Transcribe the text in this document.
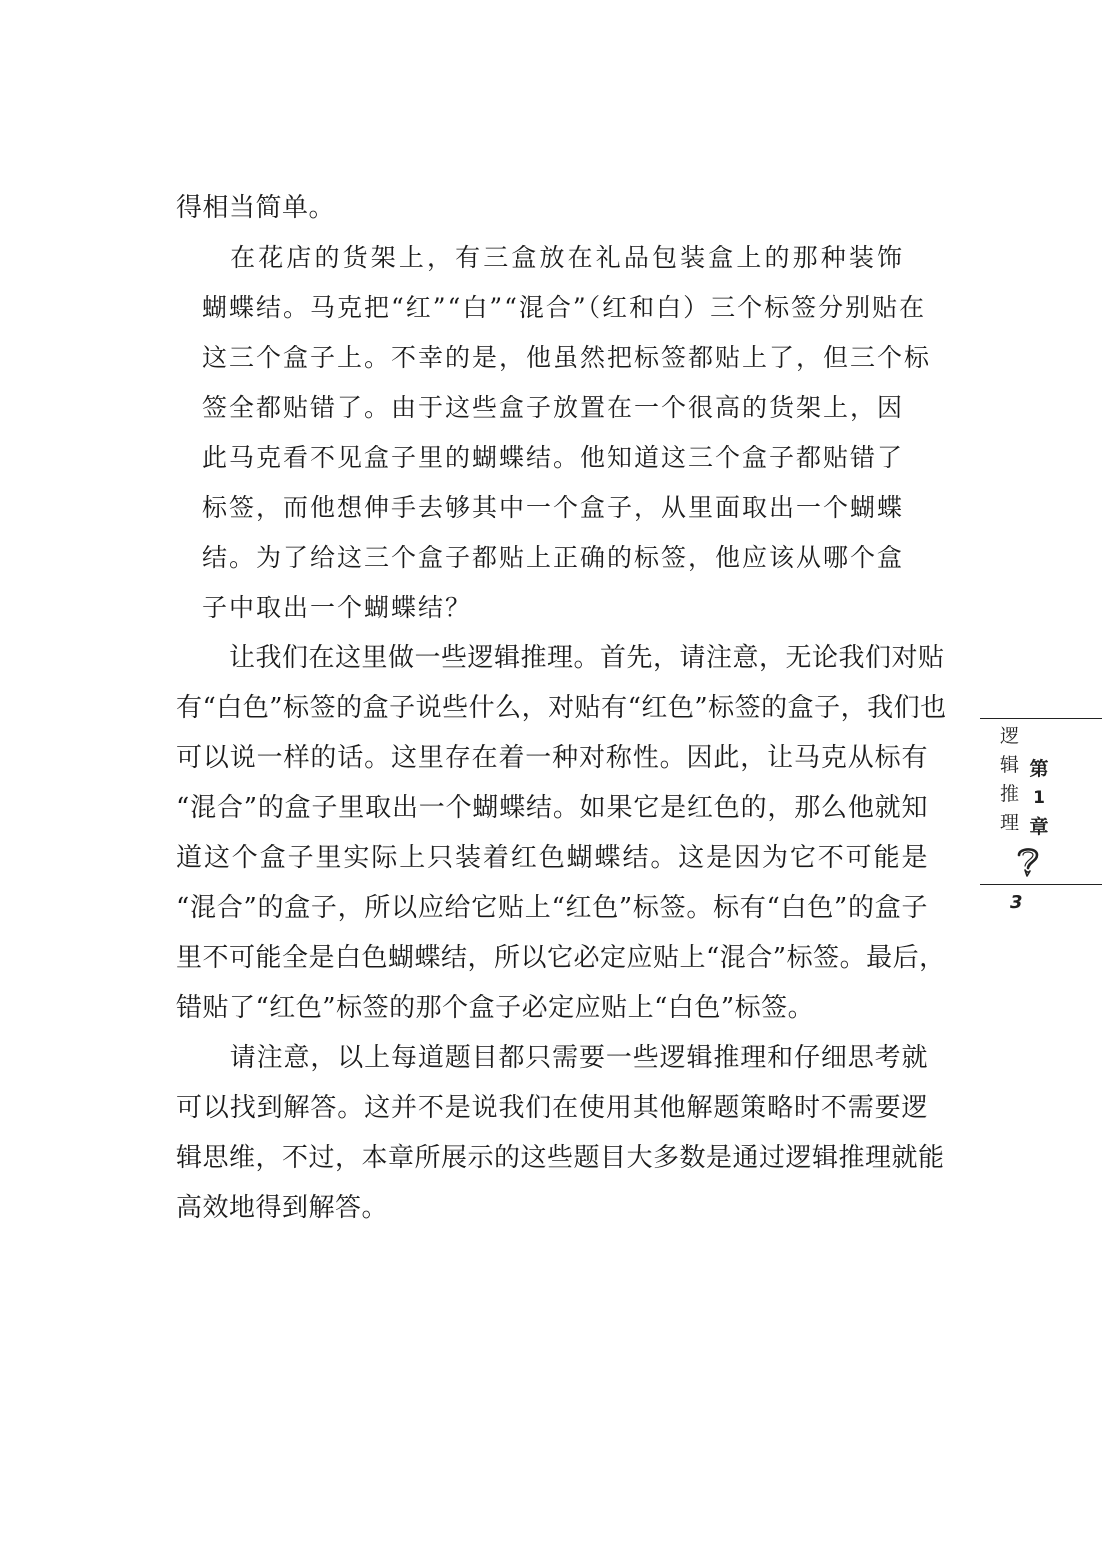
得相当简单。
　在花店的货架上，有三盒放在礼品包装盒上的那种装饰
蝴蝶结。马克把“红”“白”“混合”（红和白）三个标签分别贴在
这三个盒子上。不幸的是，他虽然把标签都贴上了，但三个标
签全都贴错了。由于这些盒子放置在一个很高的货架上，因
此马克看不见盒子里的蝴蝶结。他知道这三个盒子都贴错了
标签，而他想伸手去够其中一个盒子，从里面取出一个蝴蝶
结。为了给这三个盒子都贴上正确的标签，他应该从哪个盒
子中取出一个蝴蝶结？
　　让我们在这里做一些逻辑推理。首先，请注意，无论我们对贴
有“白色”标签的盒子说些什么，对贴有“红色”标签的盒子，我们也
可以说一样的话。这里存在着一种对称性。因此，让马克从标有
“混合”的盒子里取出一个蝴蝶结。如果它是红色的，那么他就知
道这个盒子里实际上只装着红色蝴蝶结。这是因为它不可能是
“混合”的盒子，所以应给它贴上“红色”标签。标有“白色”的盒子
里不可能全是白色蝴蝶结，所以它必定应贴上“混合”标签。最后，
错贴了“红色”标签的那个盒子必定应贴上“白色”标签。
　　请注意，以上每道题目都只需要一些逻辑推理和仔细思考就
可以找到解答。这并不是说我们在使用其他解题策略时不需要逻
辑思维，不过，本章所展示的这些题目大多数是通过逻辑推理就能
高效地得到解答。
逻
辑
推
理
第
1
章
3
